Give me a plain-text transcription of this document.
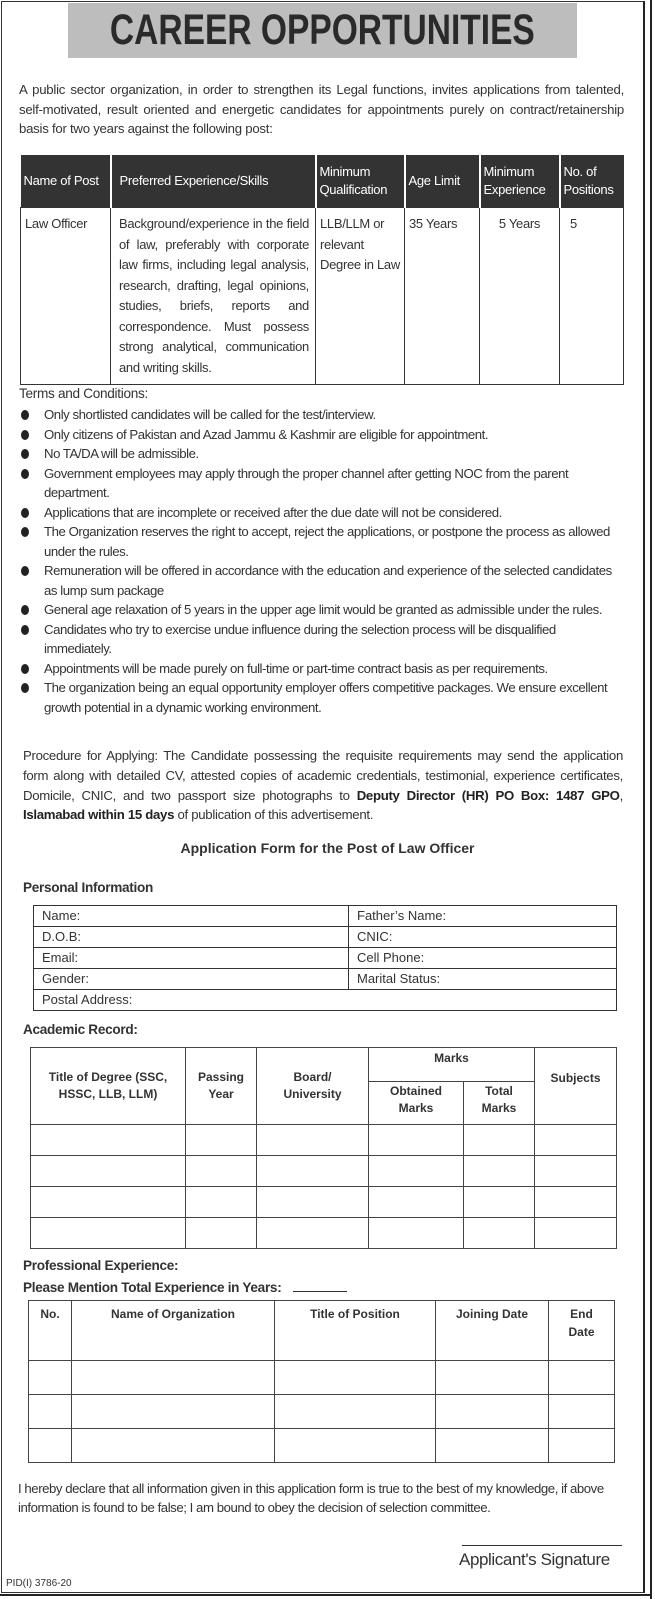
CAREER OPPORTUNITIES
A public sector organization, in order to strengthen its Legal functions, invites applications from talented, self-motivated, result oriented and energetic candidates for appointments purely on contract/retainership basis for two years against the following post:
Name of Post	Preferred Experience/Skills	Minimum Qualification	Age Limit	Minimum Experience	No. of Positions
Law Officer	Background/experience in the field of law, preferably with corporate law firms, including legal analysis, research, drafting, legal opinions, studies, briefs, reports and correspondence. Must possess strong analytical, communication and writing skills.	LLB/LLM or relevant Degree in Law	35 Years	5 Years	5
Terms and Conditions:
Only shortlisted candidates will be called for the test/interview.
Only citizens of Pakistan and Azad Jammu & Kashmir are eligible for appointment.
No TA/DA will be admissible.
Government employees may apply through the proper channel after getting NOC from the parent department.
Applications that are incomplete or received after the due date will not be considered.
The Organization reserves the right to accept, reject the applications, or postpone the process as allowed under the rules.
Remuneration will be offered in accordance with the education and experience of the selected candidates as lump sum package
General age relaxation of 5 years in the upper age limit would be granted as admissible under the rules.
Candidates who try to exercise undue influence during the selection process will be disqualified immediately.
Appointments will be made purely on full-time or part-time contract basis as per requirements.
The organization being an equal opportunity employer offers competitive packages. We ensure excellent growth potential in a dynamic working environment.
Procedure for Applying: The Candidate possessing the requisite requirements may send the application form along with detailed CV, attested copies of academic credentials, testimonial, experience certificates, Domicile, CNIC, and two passport size photographs to Deputy Director (HR) PO Box: 1487 GPO, Islamabad within 15 days of publication of this advertisement.
Application Form for the Post of Law Officer
Personal Information
Name:	Father’s Name:
D.O.B:	CNIC:
Email:	Cell Phone:
Gender:	Marital Status:
Postal Address:	
Academic Record:
Title of Degree (SSC, HSSC, LLB, LLM)	Passing Year	Board/ University	Marks		Subjects

			Obtained Marks	Total Marks	

Professional Experience:
Please Mention Total Experience in Years:
No.	Name of Organization	Title of Position	Joining Date	End Date

I hereby declare that all information given in this application form is true to the best of my knowledge, if above information is found to be false; I am bound to obey the decision of selection committee.
Applicant's Signature
PID(I) 3786-20
